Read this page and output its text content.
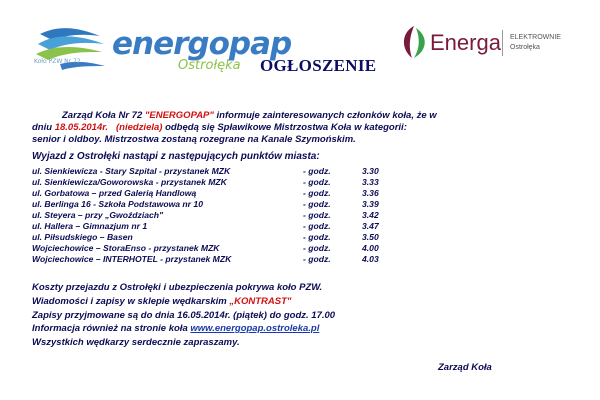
Koło PZW Nr 72 energopap
Ostrołęka OGŁOSZENIE
Energa ELEKTROWNIE
Ostrołęka
Zarząd Koła Nr 72 "ENERGOPAP" informuje zainteresowanych członków koła, że w
dniu 18.05.2014r. (niedziela) odbędą się Spławikowe Mistrzostwa Koła w kategorii:
senior i oldboy. Mistrzostwa zostaną rozegrane na Kanale Szymońskim.
Wyjazd z Ostrołęki nastąpi z następujących punktów miasta:
ul. Sienkiewicza - Stary Szpital - przystanek MZK	- godz.	3.30
ul. Sienkiewicza/Goworowska - przystanek MZK	- godz.	3.33
ul. Gorbatowa – przed Galerią Handlową	- godz.	3.36
ul. Berlinga 16 - Szkoła Podstawowa nr 10	- godz.	3.39
ul. Steyera – przy „Gwoździach"	- godz.	3.42
ul. Hallera – Gimnazjum nr 1	- godz.	3.47
ul. Piłsudskiego – Basen	- godz.	3.50
Wojciechowice – StoraEnso - przystanek MZK	- godz.	4.00
Wojciechowice – INTERHOTEL - przystanek MZK	- godz.	4.03
Koszty przejazdu z Ostrołęki i ubezpieczenia pokrywa koło PZW.
Wiadomości i zapisy w sklepie wędkarskim „KONTRAST"
Zapisy przyjmowane są do dnia 16.05.2014r. (piątek) do godz. 17.00
Informacja również na stronie koła www.energopap.ostroleka.pl
Wszystkich wędkarzy serdecznie zapraszamy.
Zarząd Koła
